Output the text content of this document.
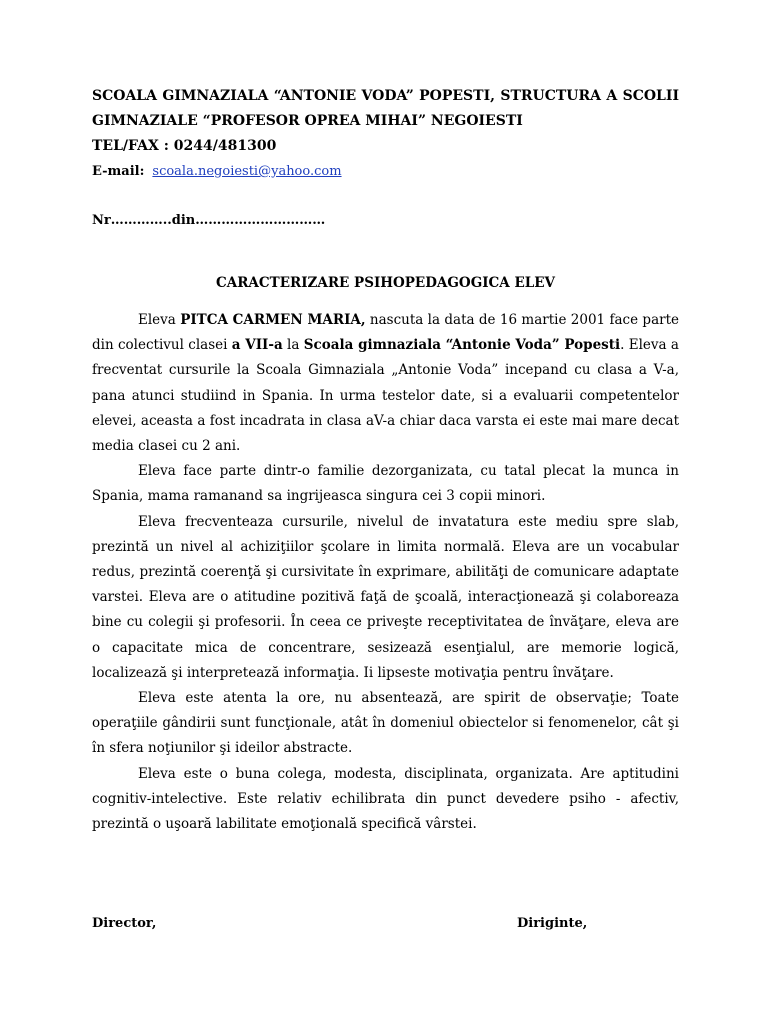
SCOALA GIMNAZIALA “ANTONIE VODA” POPESTI, STRUCTURA A SCOLII

GIMNAZIALE “PROFESOR OPREA MIHAI” NEGOIESTI

TEL/FAX : 0244/481300

E-mail: scoala.negoiesti@yahoo.com
Nr…………..din…………………………
CARACTERIZARE PSIHOPEDAGOGICA ELEV

Eleva PITCA CARMEN MARIA, nascuta la data de 16 martie 2001 face parte din colectivul clasei a VII-a la Scoala gimnaziala “Antonie Voda” Popesti. Eleva a frecventat cursurile la Scoala Gimnaziala „Antonie Voda” incepand cu clasa a V-a, pana atunci studiind in Spania. In urma testelor date, si a evaluarii competentelor elevei, aceasta a fost incadrata in clasa aV-a chiar daca varsta ei este mai mare decat media clasei cu 2 ani.

Eleva face parte dintr-o familie dezorganizata, cu tatal plecat la munca in Spania, mama ramanand sa ingrijeasca singura cei 3 copii minori.

Eleva frecventeaza cursurile, nivelul de invatatura este mediu spre slab, prezintă un nivel al achiziţiilor şcolare in limita normală. Eleva are un vocabular redus, prezintă coerenţă şi cursivitate în exprimare, abilităţi de comunicare adaptate varstei. Eleva are o atitudine pozitivă faţă de şcoală, interacţionează şi colaboreaza bine cu colegii şi profesorii. În ceea ce priveşte receptivitatea de învăţare, eleva are o capacitate mica de concentrare, sesizează esenţialul, are memorie logică, localizează şi interpretează informaţia. Ii lipseste motivaţia pentru învăţare.

Eleva este atenta la ore, nu absentează, are spirit de observaţie; Toate operaţiile gândirii sunt funcţionale, atât în domeniul obiectelor si fenomenelor, cât şi în sfera noţiunilor şi ideilor abstracte.

Eleva este o buna colega, modesta, disciplinata, organizata. Are aptitudini cognitiv-intelective. Este relativ echilibrata din punct devedere psiho - afectiv, prezintă o uşoară labilitate emoţională specifică vârstei.

Director,	Diriginte,
